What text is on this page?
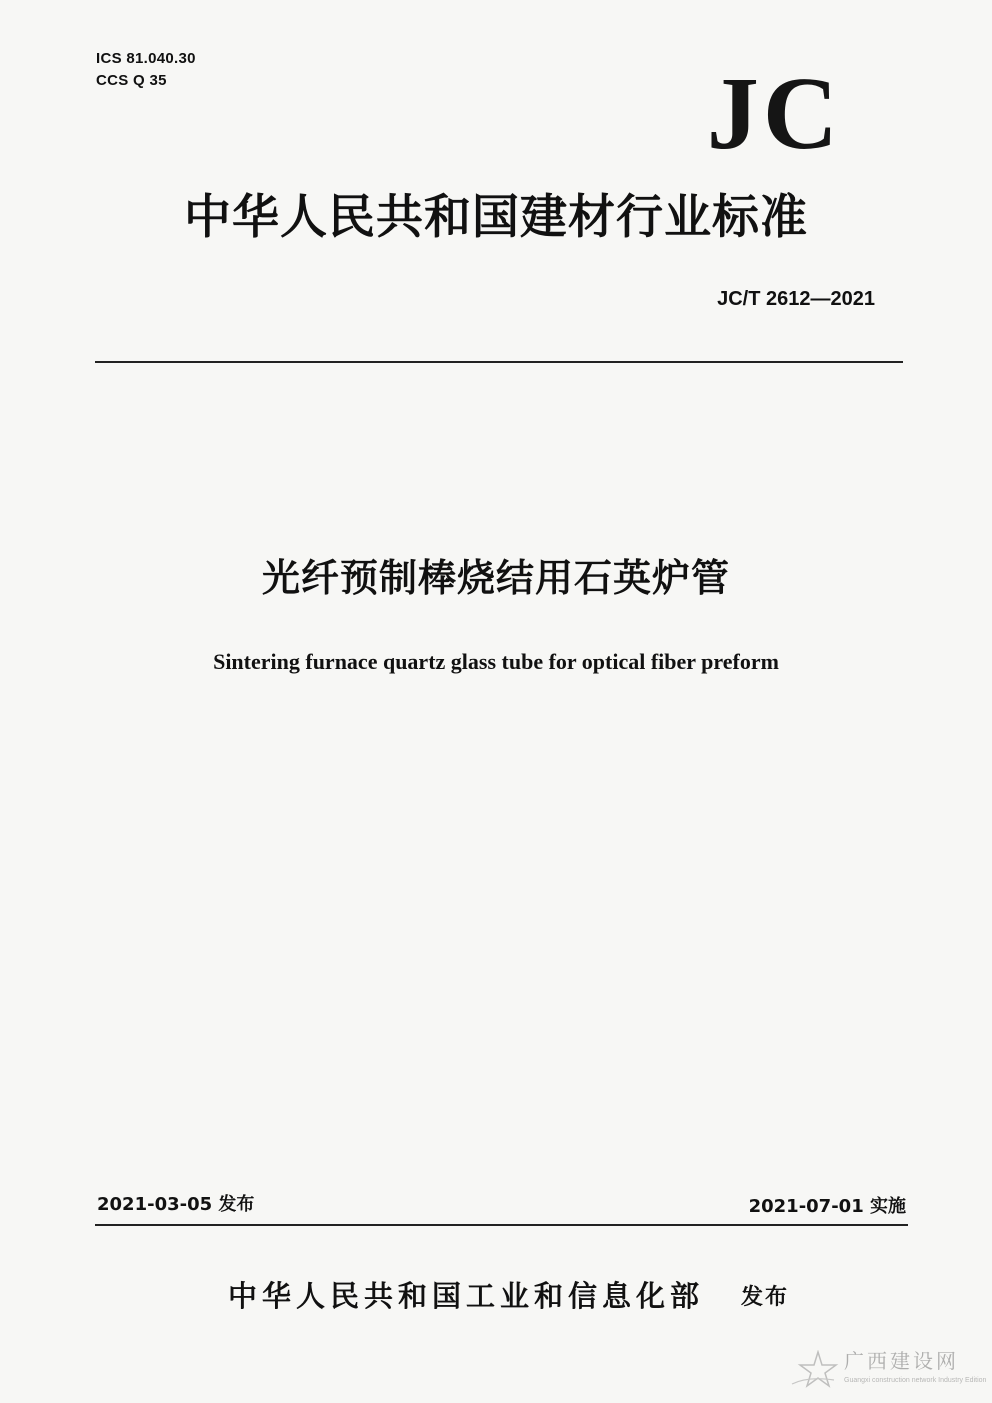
ICS 81.040.30
CCS Q 35	JC
中华人民共和国建材行业标准
JC/T 2612—2021
光纤预制棒烧结用石英炉管
Sintering furnace quartz glass tube for optical fiber preform
2021-03-05 发布	2021-07-01 实施
中华人民共和国工业和信息化部 发布
广西建设网
Guangxi construction network Industry Edition
